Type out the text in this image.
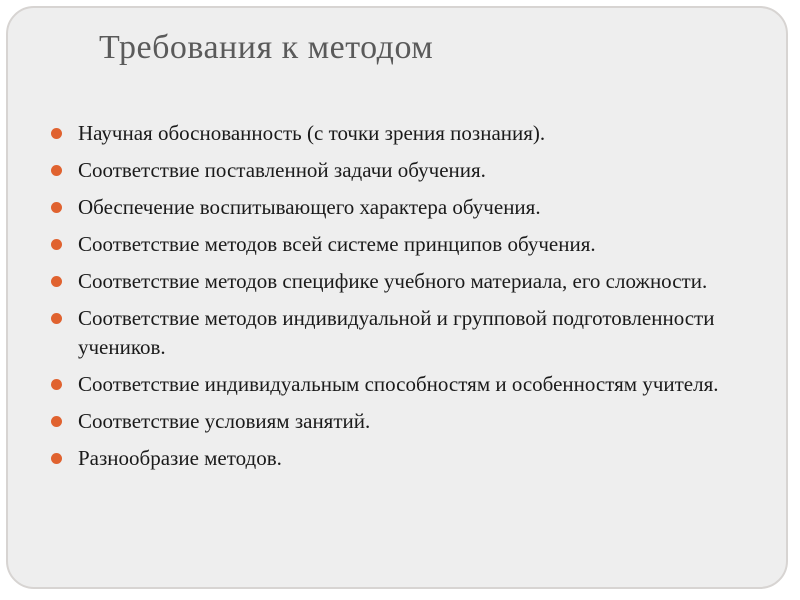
Требования к методом
Научная обоснованность (с точки зрения познания).
Соответствие поставленной задачи обучения.
Обеспечение воспитывающего характера обучения.
Соответствие методов всей системе принципов обучения.
Соответствие методов специфике учебного материала, его сложности.
Соответствие методов индивидуальной и групповой подготовленности учеников.
Соответствие индивидуальным способностям и особенностям учителя.
Соответствие условиям занятий.
Разнообразие методов.
